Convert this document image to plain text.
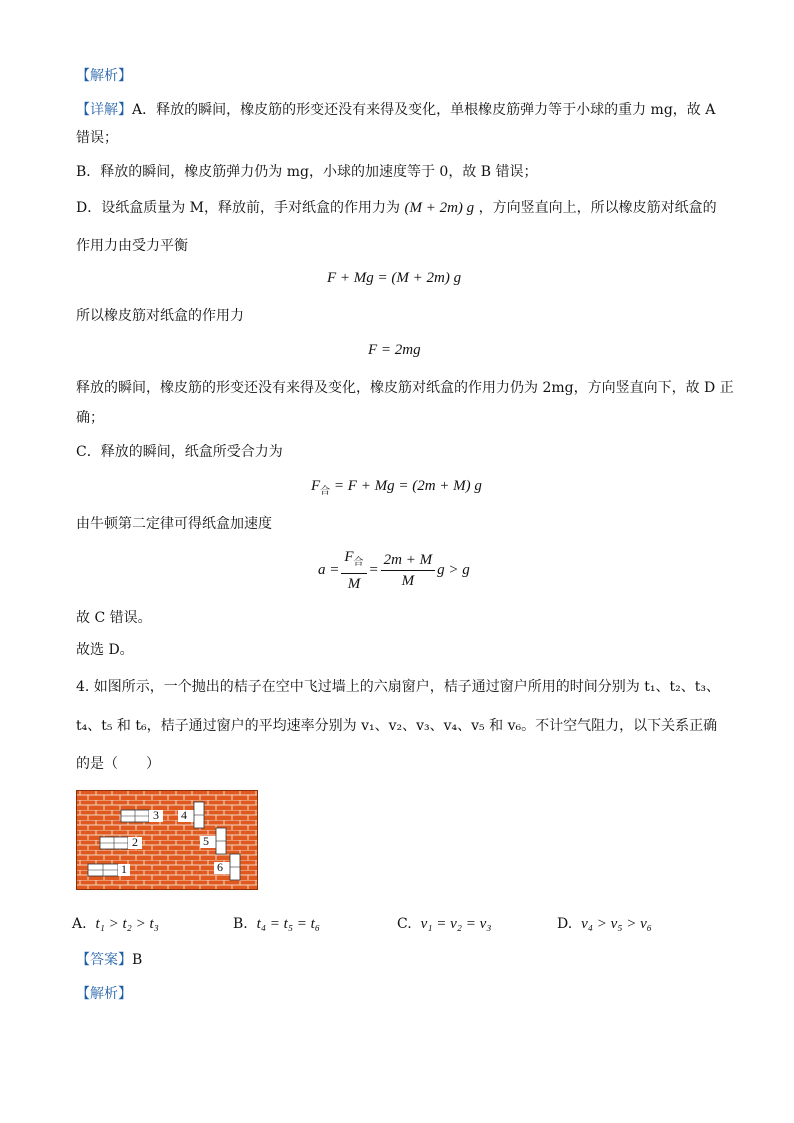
【解析】
【详解】A．释放的瞬间，橡皮筋的形变还没有来得及变化，单根橡皮筋弹力等于小球的重力 mg，故 A
错误；
B．释放的瞬间，橡皮筋弹力仍为 mg，小球的加速度等于 0，故 B 错误；
D．设纸盒质量为 M，释放前，手对纸盒的作用力为 (M + 2m) g ，方向竖直向上，所以橡皮筋对纸盒的
作用力由受力平衡
F + Mg = (M + 2m) g
所以橡皮筋对纸盒的作用力
F = 2mg
释放的瞬间，橡皮筋的形变还没有来得及变化，橡皮筋对纸盒的作用力仍为 2mg，方向竖直向下，故 D 正
确；
C．释放的瞬间，纸盒所受合力为
$F_合 = F + Mg = (2m + M)$ g
由牛顿第二定律可得纸盒加速度
$a = \frac{F_合}{M} = \frac{2m + M}{M}$ g > g
故 C 错误。
故选 D。
4. 如图所示，一个抛出的桔子在空中飞过墙上的六扇窗户，桔子通过窗户所用的时间分别为 t₁、t₂、t₃、
t₄、t₅ 和 t₆，桔子通过窗户的平均速率分别为 v₁、v₂、v₃、v₄、v₅ 和 v₆。不计空气阻力，以下关系正确
的是（　　）
1
2
3 4
5
6
A. t₁ > t₂ > t₃	B. t₄ = t₅ = t₆	C. v₁ = v₂ = v₃	D. v₄ > v₅ > v₆
【答案】B
【解析】
